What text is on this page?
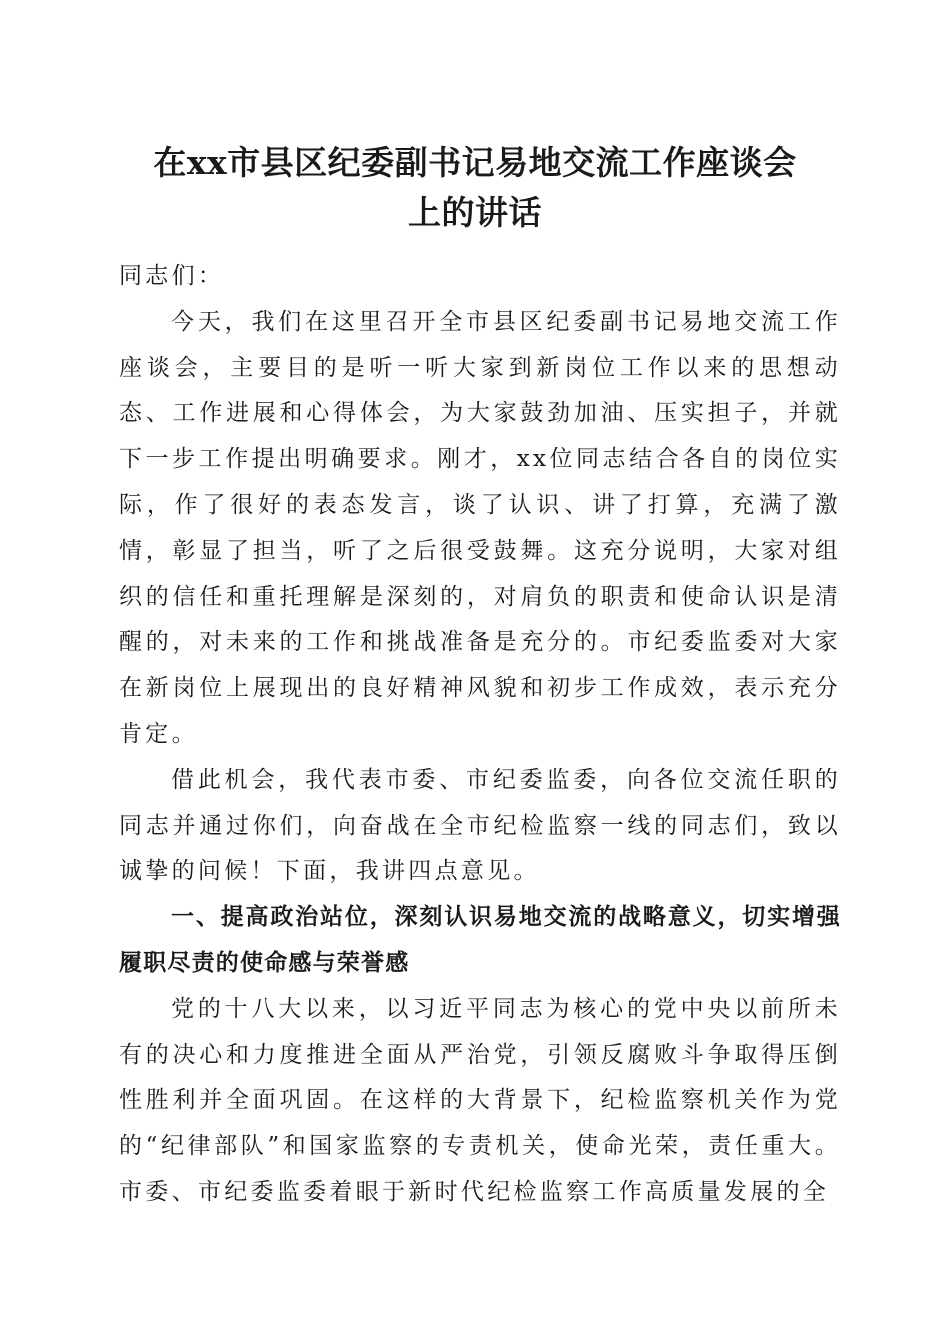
在xx市县区纪委副书记易地交流工作座谈会
上的讲话

同志们：

今天，我们在这里召开全市县区纪委副书记易地交流工作座谈会，主要目的是听一听大家到新岗位工作以来的思想动态、工作进展和心得体会，为大家鼓劲加油、压实担子，并就下一步工作提出明确要求。刚才，xx位同志结合各自的岗位实际，作了很好的表态发言，谈了认识、讲了打算，充满了激情，彰显了担当，听了之后很受鼓舞。这充分说明，大家对组织的信任和重托理解是深刻的，对肩负的职责和使命认识是清醒的，对未来的工作和挑战准备是充分的。市纪委监委对大家在新岗位上展现出的良好精神风貌和初步工作成效，表示充分肯定。

借此机会，我代表市委、市纪委监委，向各位交流任职的同志并通过你们，向奋战在全市纪检监察一线的同志们，致以诚挚的问候！下面，我讲四点意见。

一、提高政治站位，深刻认识易地交流的战略意义，切实增强履职尽责的使命感与荣誉感

党的十八大以来，以习近平同志为核心的党中央以前所未有的决心和力度推进全面从严治党，引领反腐败斗争取得压倒性胜利并全面巩固。在这样的大背景下，纪检监察机关作为党的“纪律部队”和国家监察的专责机关，使命光荣，责任重大。市委、市纪委监委着眼于新时代纪检监察工作高质量发展的全
